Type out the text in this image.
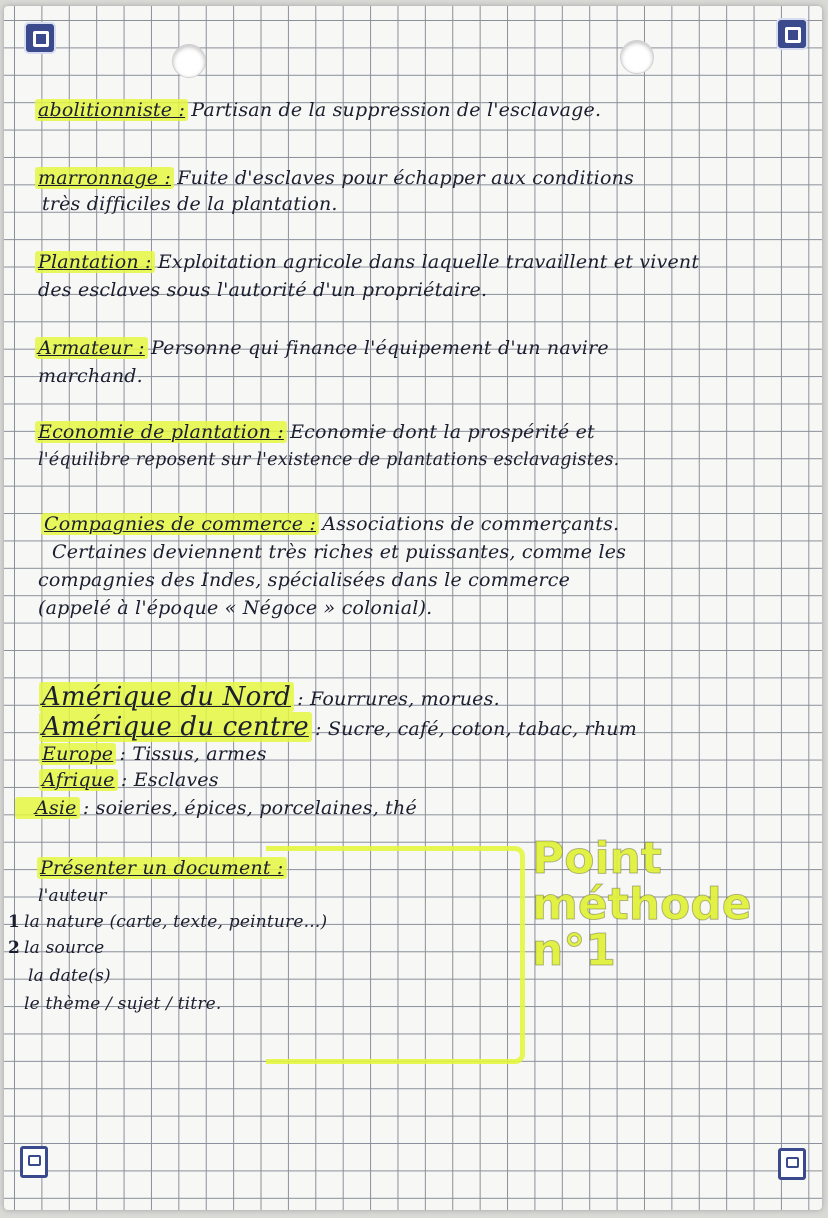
abolitionniste : Partisan de la suppression de l'esclavage.
marronnage : Fuite d'esclaves pour échapper aux conditions
très difficiles de la plantation.
Plantation : Exploitation agricole dans laquelle travaillent et vivent
des esclaves sous l'autorité d'un propriétaire.
Armateur : Personne qui finance l'équipement d'un navire
marchand.
Economie de plantation : Economie dont la prospérité et
l'équilibre reposent sur l'existence de plantations esclavagistes.
Compagnies de commerce : Associations de commerçants.
Certaines deviennent très riches et puissantes, comme les
compagnies des Indes, spécialisées dans le commerce
(appelé à l'époque « Négoce » colonial).
Amérique du Nord : Fourrures, morues.
Amérique du centre : Sucre, café, coton, tabac, rhum
Europe : Tissus, armes
Afrique : Esclaves
Asie : soieries, épices, porcelaines, thé
Présenter un document :
l'auteur
1 la nature (carte, texte, peinture...)
2 la source
la date(s)
le thème / sujet / titre.
Point
méthode
n°1
